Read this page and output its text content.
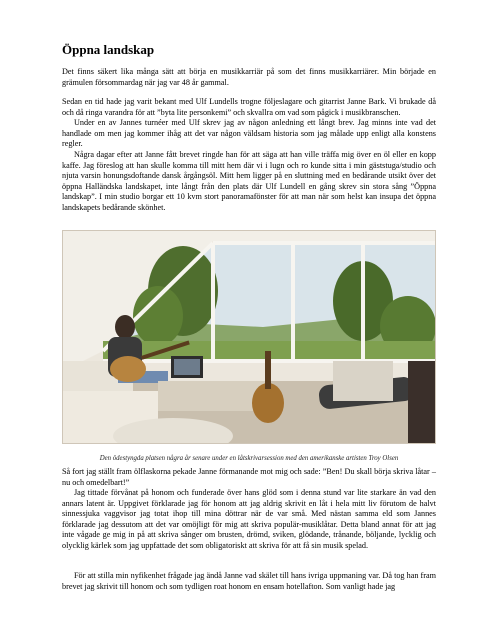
Öppna landskap

Det finns säkert lika många sätt att börja en musikkarriär på som det finns musikkarriärer. Min började en grämulen försommardag när jag var 48 år gammal.

Sedan en tid hade jag varit bekant med Ulf Lundells trogne följeslagare och gitarrist Janne Bark. Vi brukade då och då ringa varandra för att ”byta lite personkemi” och skvallra om vad som pågick i musikbranschen.

Under en av Jannes turnéer med Ulf skrev jag av någon anledning ett långt brev. Jag minns inte vad det handlade om men jag kommer ihåg att det var någon väldsam historia som jag målade upp enligt alla konstens regler.

Några dagar efter att Janne fått brevet ringde han för att säga att han ville träffa mig över en öl eller en kopp kaffe. Jag föreslog att han skulle komma till mitt hem där vi i lugn och ro kunde sitta i min gäststuga/studio och njuta varsin honungsdoftande dansk årgångsöl. Mitt hem ligger på en sluttning med en bedårande utsikt över det öppna Halländska landskapet, inte långt från den plats där Ulf Lundell en gång skrev sin stora sång ”Öppna landskap”. I min studio borgar ett 10 kvm stort panoramafönster för att man när som helst kan insupa det öppna landskapets bedårande skönhet.

Den ödestyngda platsen några år senare under en låtskrivarsession med den amerikanske artisten Troy Olsen

Så fort jag ställt fram ölflaskorna pekade Janne förmanande mot mig och sade: ”Ben! Du skall börja skriva låtar – nu och omedelbart!”

Jag tittade förvånat på honom och funderade över hans glöd som i denna stund var lite starkare än vad den annars latent är. Uppgivet förklarade jag för honom att jag aldrig skrivit en låt i hela mitt liv förutom de halvt sinnessjuka vaggvisor jag totat ihop till mina döttrar när de var små. Med nästan samma eld som Jannes förklarade jag dessutom att det var omöjligt för mig att skriva populär-musiklåtar. Detta bland annat för att jag inte vågade ge mig in på att skriva sånger om brusten, drömd, sviken, glödande, trånande, böljande, lycklig och olycklig kärlek som jag uppfattade det som obligatoriskt att skriva för att få sin musik spelad.

För att stilla min nyfikenhet frågade jag ändå Janne vad skälet till hans ivriga uppmaning var. Då tog han fram brevet jag skrivit till honom och som tydligen roat honom en ensam hotellafton. Som vanligt hade jag
